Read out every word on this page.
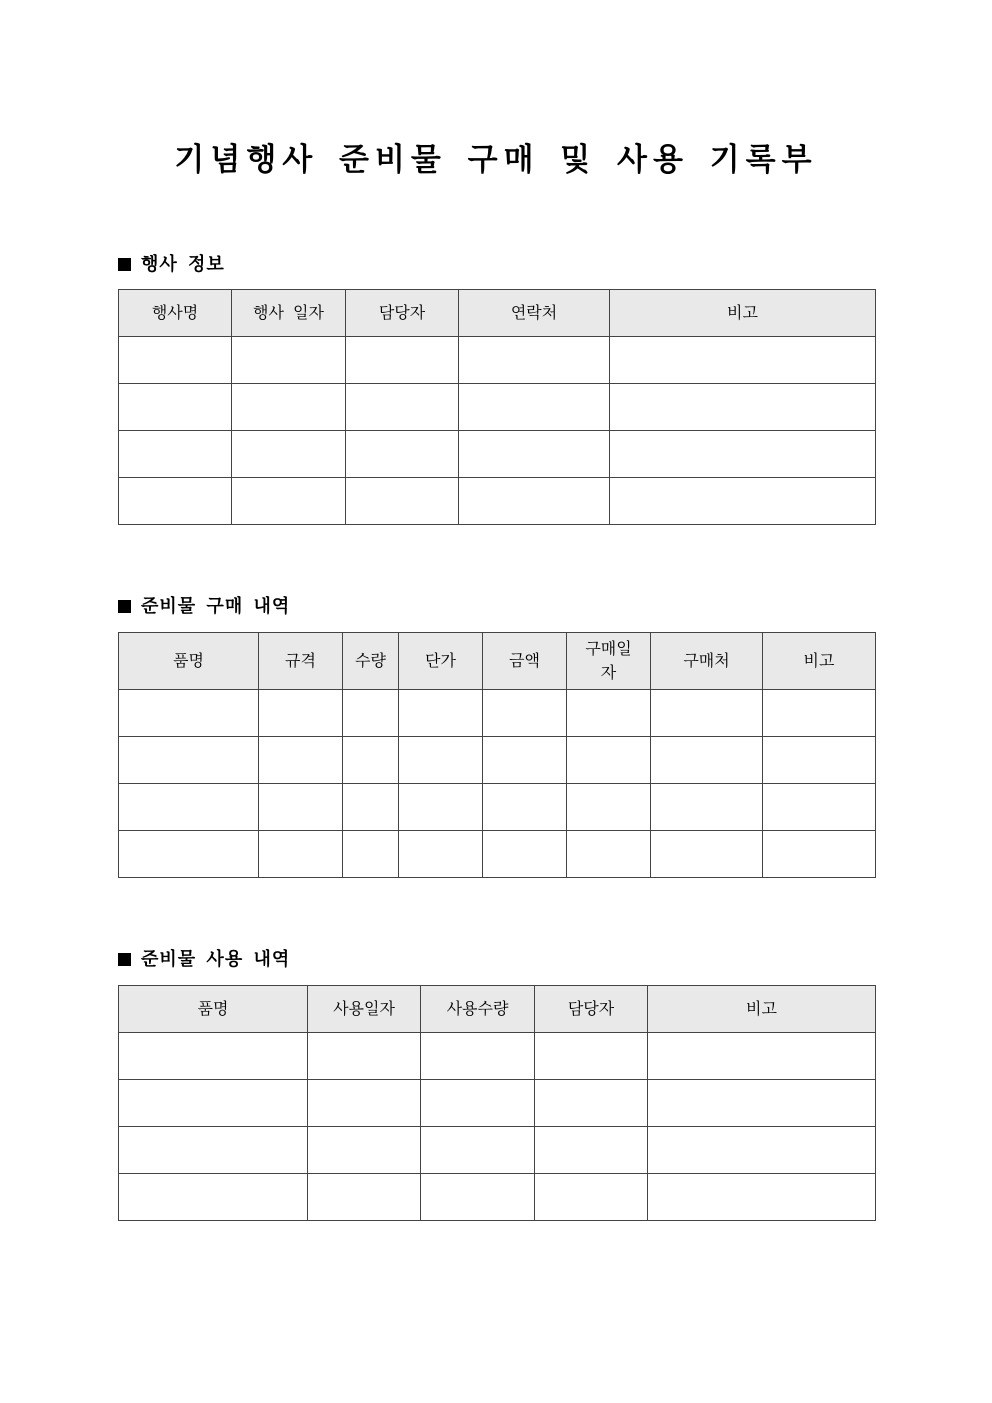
기념행사 준비물 구매 및 사용 기록부
행사 정보
행사명	행사 일자	담당자	연락처	비고

준비물 구매 내역
품명	규격	수량	단가	금액	구매일자	구매처	비고

준비물 사용 내역
품명	사용일자	사용수량	담당자	비고
